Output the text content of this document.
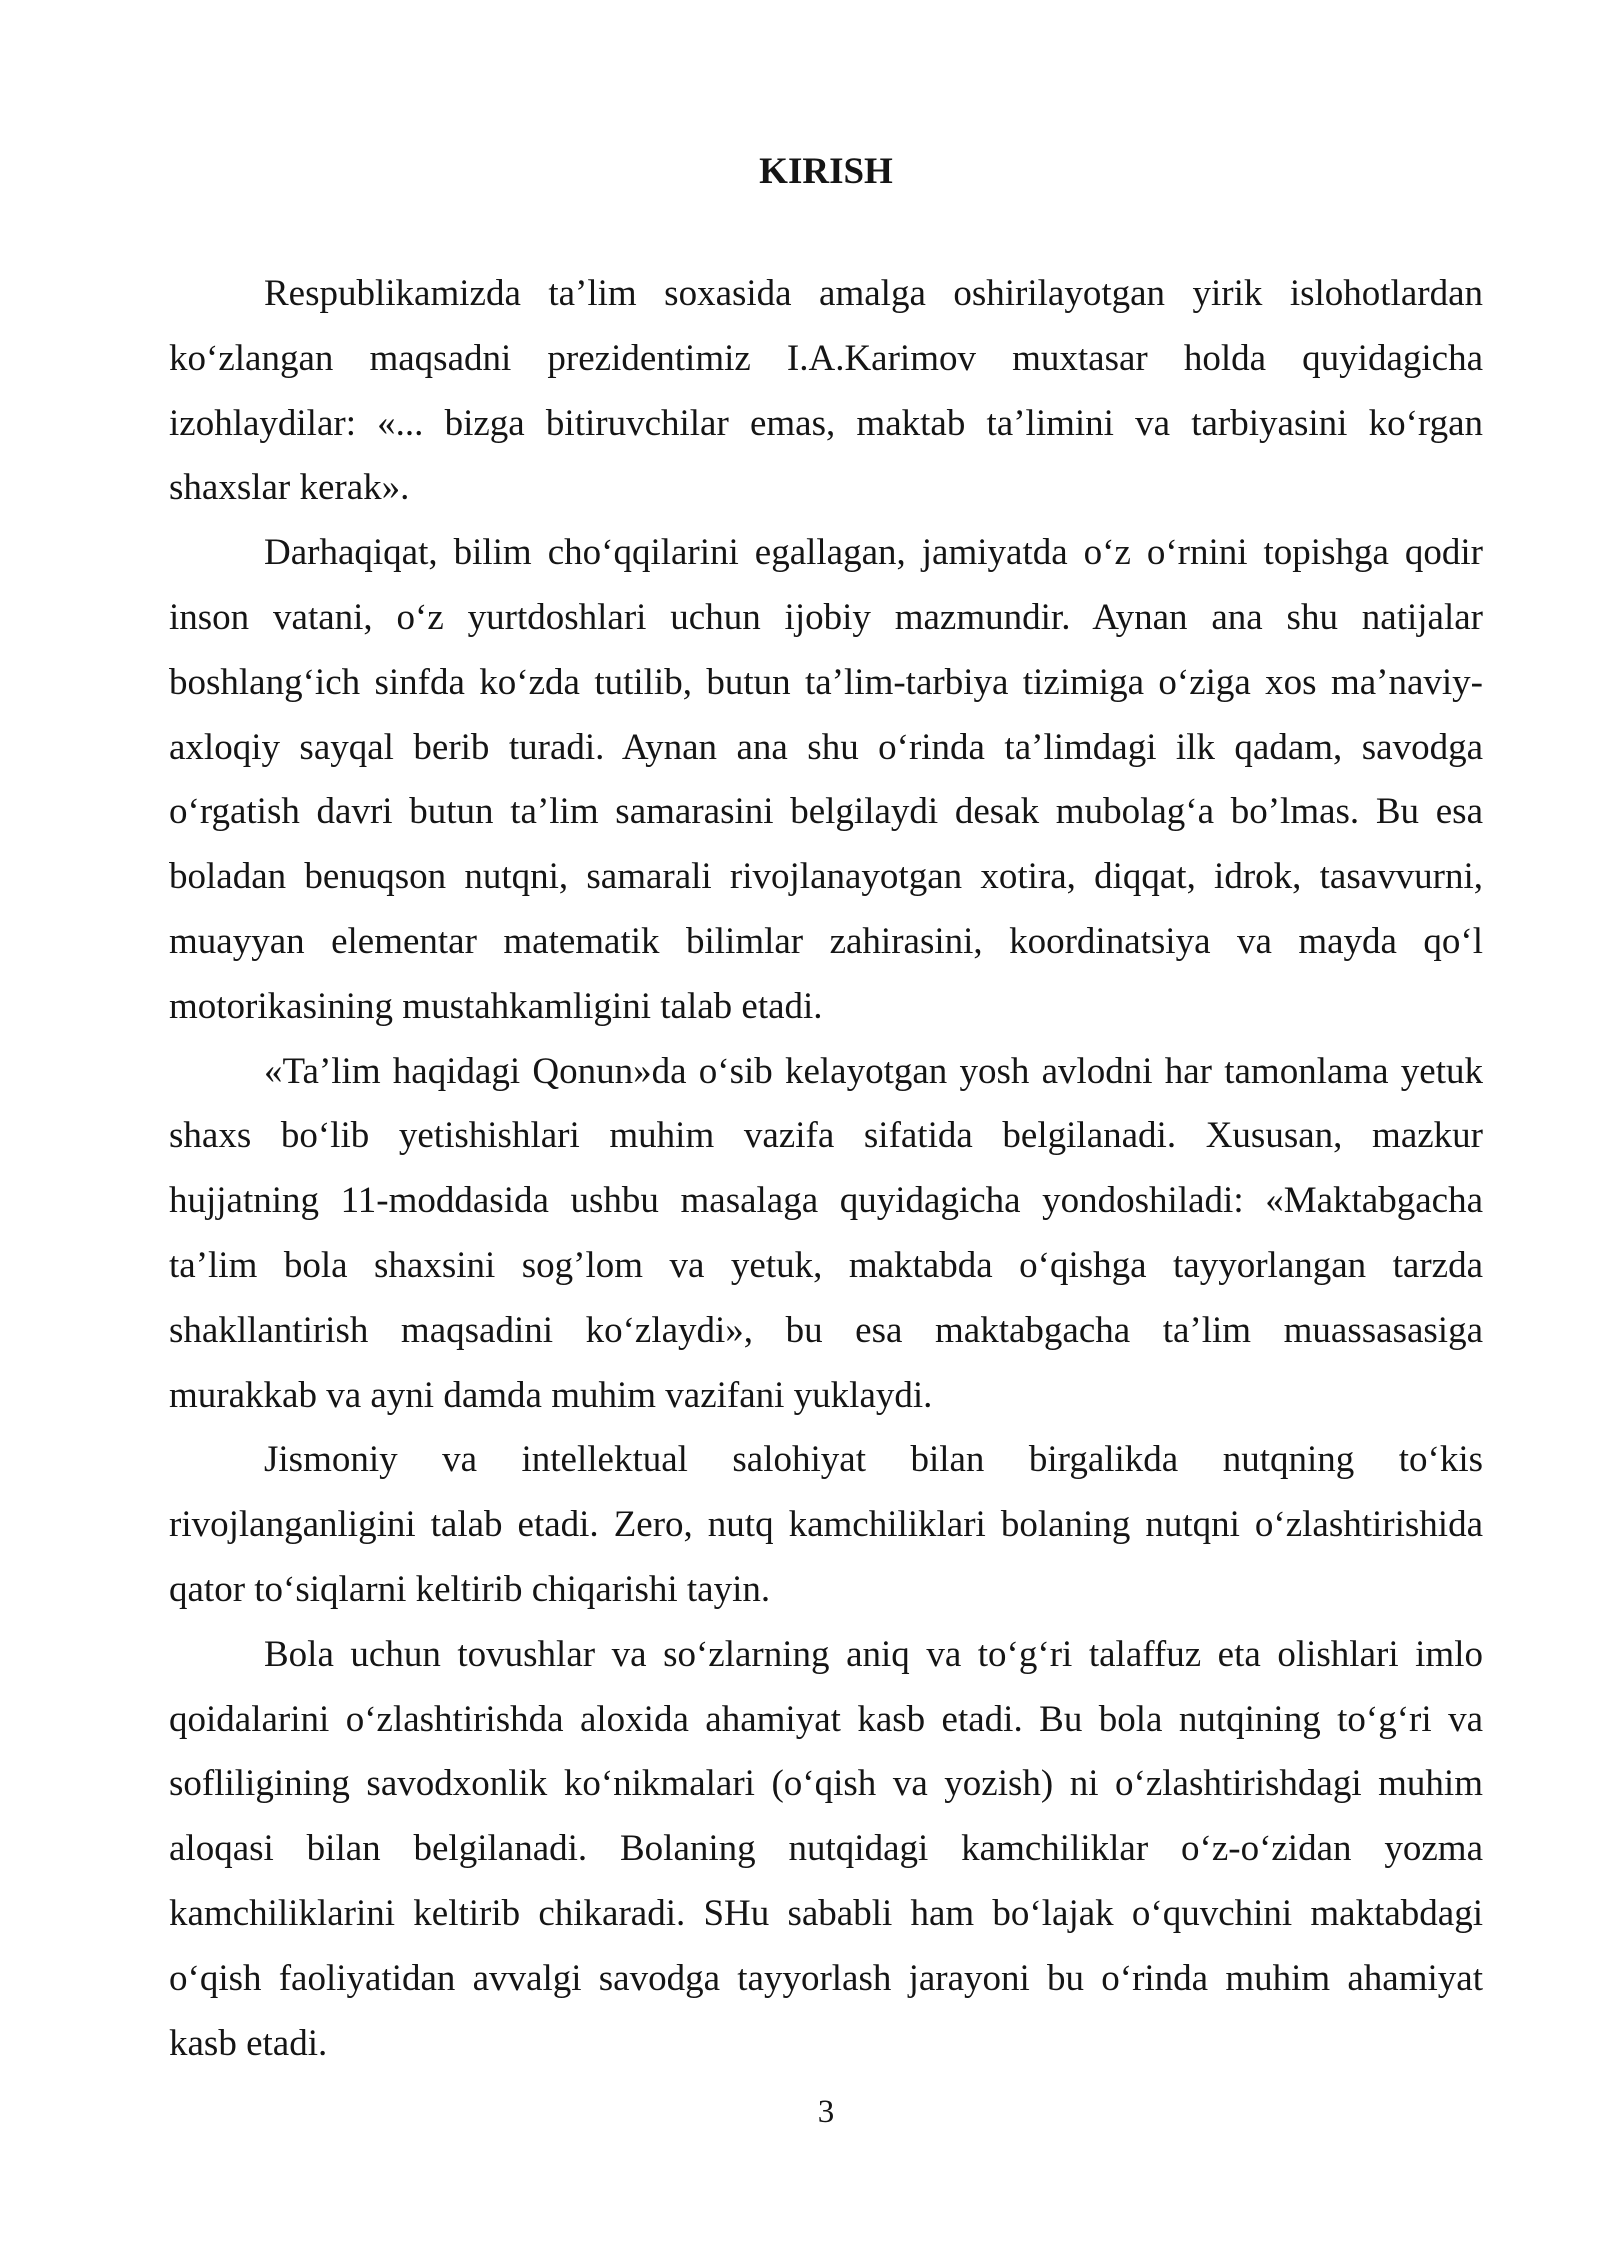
KIRISH
Respublikamizda ta’lim soxasida amalga oshirilayotgan yirik islohotlardan
ko‘zlangan maqsadni prezidentimiz I.A.Karimov muxtasar holda quyidagicha
izohlaydilar: «... bizga bitiruvchilar emas, maktab ta’limini va tarbiyasini ko‘rgan
shaxslar kerak».
Darhaqiqat, bilim cho‘qqilarini egallagan, jamiyatda o‘z o‘rnini topishga qodir
inson vatani, o‘z yurtdoshlari uchun ijobiy mazmundir. Aynan ana shu natijalar
boshlang‘ich sinfda ko‘zda tutilib, butun ta’lim-tarbiya tizimiga o‘ziga xos ma’naviy-
axloqiy sayqal berib turadi. Aynan ana shu o‘rinda ta’limdagi ilk qadam, savodga
o‘rgatish davri butun ta’lim samarasini belgilaydi desak mubolag‘a bo’lmas. Bu esa
boladan benuqson nutqni, samarali rivojlanayotgan xotira, diqqat, idrok, tasavvurni,
muayyan elementar matematik bilimlar zahirasini, koordinatsiya va mayda qo‘l
motorikasining mustahkamligini talab etadi.
«Ta’lim haqidagi Qonun»da o‘sib kelayotgan yosh avlodni har tamonlama yetuk
shaxs bo‘lib yetishishlari muhim vazifa sifatida belgilanadi. Xususan, mazkur
hujjatning 11-moddasida ushbu masalaga quyidagicha yondoshiladi: «Maktabgacha
ta’lim bola shaxsini sog’lom va yetuk, maktabda o‘qishga tayyorlangan tarzda
shakllantirish maqsadini ko‘zlaydi», bu esa maktabgacha ta’lim muassasasiga
murakkab va ayni damda muhim vazifani yuklaydi.
Jismoniy va intellektual salohiyat bilan birgalikda nutqning to‘kis
rivojlanganligini talab etadi. Zero, nutq kamchiliklari bolaning nutqni o‘zlashtirishida
qator to‘siqlarni keltirib chiqarishi tayin.
Bola uchun tovushlar va so‘zlarning aniq va to‘g‘ri talaffuz eta olishlari imlo
qoidalarini o‘zlashtirishda aloxida ahamiyat kasb etadi. Bu bola nutqining to‘g‘ri va
sofliligining savodxonlik ko‘nikmalari (o‘qish va yozish) ni o‘zlashtirishdagi muhim
aloqasi bilan belgilanadi. Bolaning nutqidagi kamchiliklar o‘z-o‘zidan yozma
kamchiliklarini keltirib chikaradi. SHu sababli ham bo‘lajak o‘quvchini maktabdagi
o‘qish faoliyatidan avvalgi savodga tayyorlash jarayoni bu o‘rinda muhim ahamiyat
kasb etadi.
3
